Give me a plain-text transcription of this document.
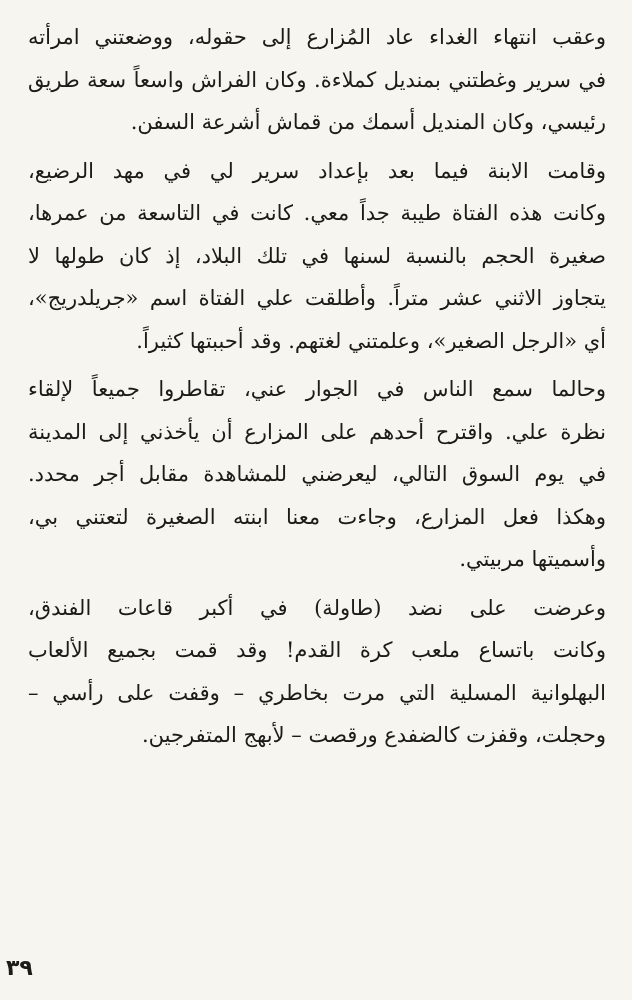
وعقب انتهاء الغداء عاد المُزارع إلى حقوله، ووضعتني امرأته
في سرير وغطتني بمنديل كملاءة. وكان الفراش واسعاً سعة طريق
رئيسي، وكان المنديل أسمك من قماش أشرعة السفن.
وقامت الابنة فيما بعد بإعداد سرير لي في مهد الرضيع،
وكانت هذه الفتاة طيبة جداً معي. كانت في التاسعة من عمرها،
صغيرة الحجم بالنسبة لسنها في تلك البلاد، إذ كان طولها لا
يتجاوز الاثني عشر متراً. وأطلقت علي الفتاة اسم «جريلدريج»،
أي «الرجل الصغير»، وعلمتني لغتهم. وقد أحببتها كثيراً.
وحالما سمع الناس في الجوار عني، تقاطروا جميعاً لإلقاء
نظرة علي. واقترح أحدهم على المزارع أن يأخذني إلى المدينة
في يوم السوق التالي، ليعرضني للمشاهدة مقابل أجر محدد.
وهكذا فعل المزارع، وجاءت معنا ابنته الصغيرة لتعتني بي،
وأسميتها مربيتي.
وعرضت على نضد (طاولة) في أكبر قاعات الفندق،
وكانت باتساع ملعب كرة القدم! وقد قمت بجميع الألعاب
البهلوانية المسلية التي مرت بخاطري – وقفت على رأسي –
وحجلت، وقفزت كالضفدع ورقصت – لأبهج المتفرجين.
٣٩
